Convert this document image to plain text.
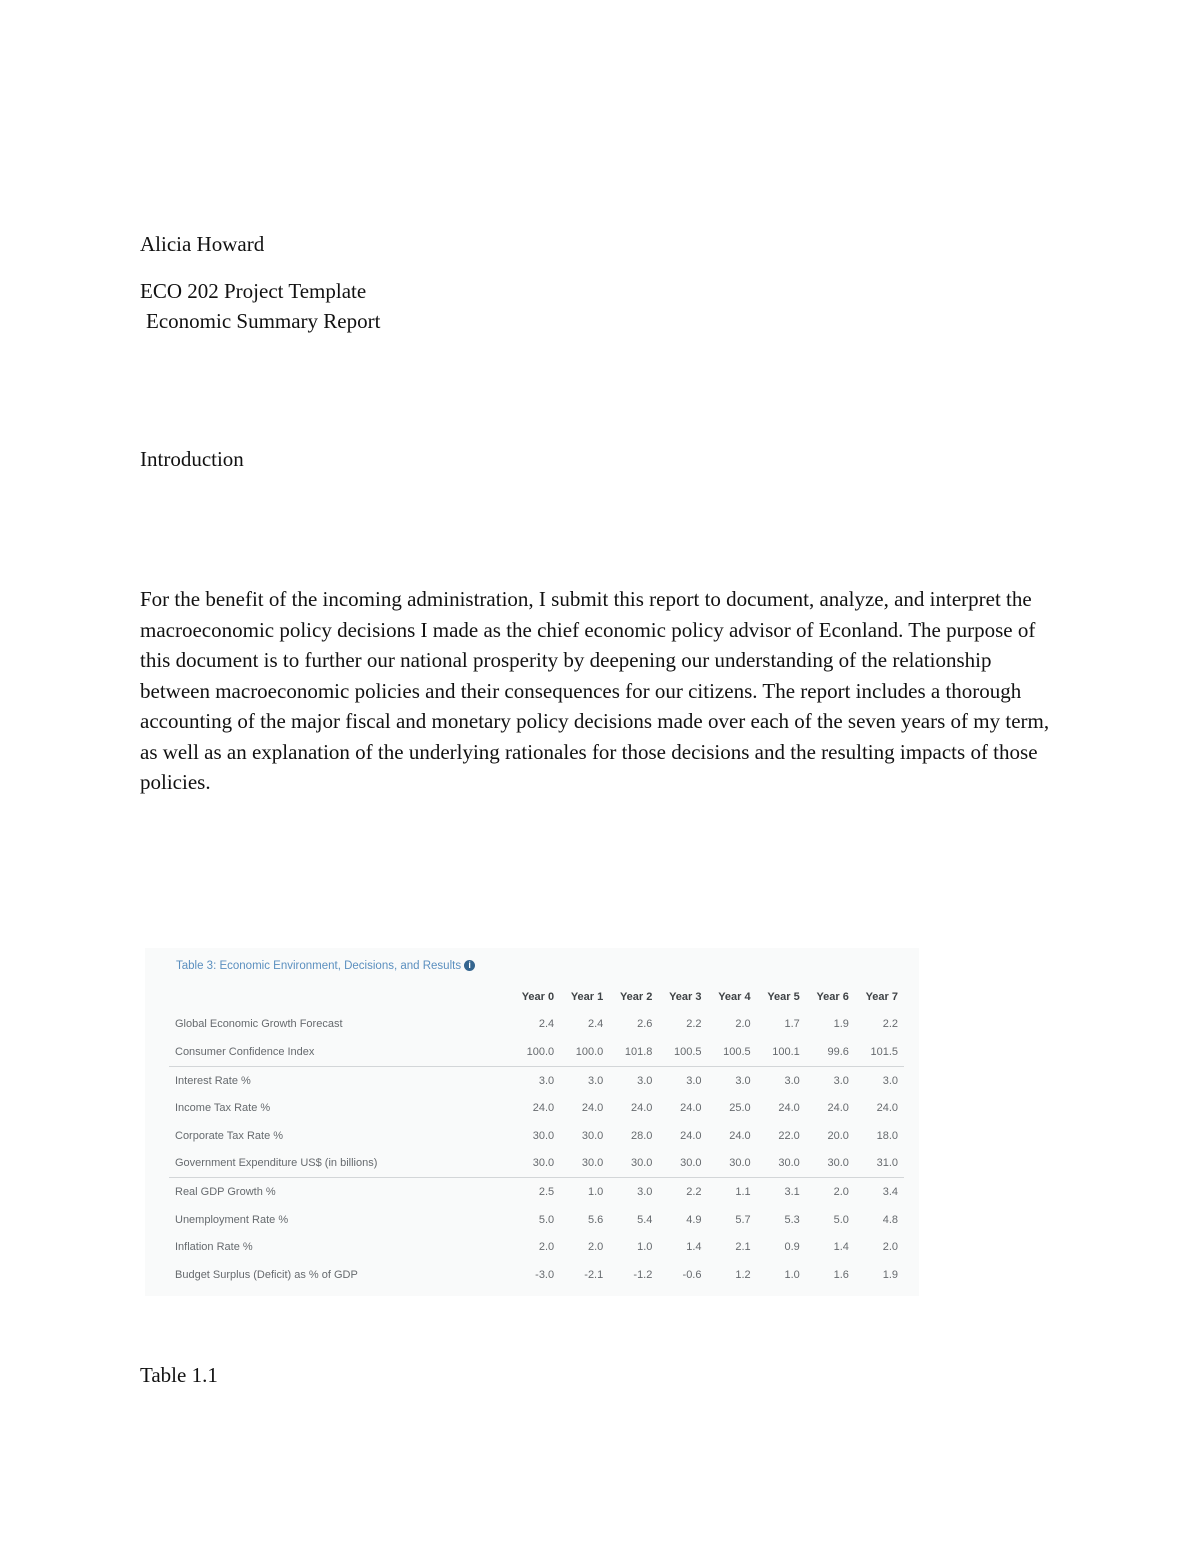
Alicia Howard
ECO 202 Project Template
Economic Summary Report
Introduction
For the benefit of the incoming administration, I submit this report to document, analyze, and interpret the macroeconomic policy decisions I made as the chief economic policy advisor of Econland. The purpose of this document is to further our national prosperity by deepening our understanding of the relationship between macroeconomic policies and their consequences for our citizens. The report includes a thorough accounting of the major fiscal and monetary policy decisions made over each of the seven years of my term, as well as an explanation of the underlying rationales for those decisions and the resulting impacts of those policies.
Table 3: Economic Environment, Decisions, and Results i
	Year 0	Year 1	Year 2	Year 3	Year 4	Year 5	Year 6	Year 7
Global Economic Growth Forecast	2.4	2.4	2.6	2.2	2.0	1.7	1.9	2.2
Consumer Confidence Index	100.0	100.0	101.8	100.5	100.5	100.1	99.6	101.5
Interest Rate %	3.0	3.0	3.0	3.0	3.0	3.0	3.0	3.0
Income Tax Rate %	24.0	24.0	24.0	24.0	25.0	24.0	24.0	24.0
Corporate Tax Rate %	30.0	30.0	28.0	24.0	24.0	22.0	20.0	18.0
Government Expenditure US$ (in billions)	30.0	30.0	30.0	30.0	30.0	30.0	30.0	31.0
Real GDP Growth %	2.5	1.0	3.0	2.2	1.1	3.1	2.0	3.4
Unemployment Rate %	5.0	5.6	5.4	4.9	5.7	5.3	5.0	4.8
Inflation Rate %	2.0	2.0	1.0	1.4	2.1	0.9	1.4	2.0
Budget Surplus (Deficit) as % of GDP	-3.0	-2.1	-1.2	-0.6	1.2	1.0	1.6	1.9
Table 1.1
